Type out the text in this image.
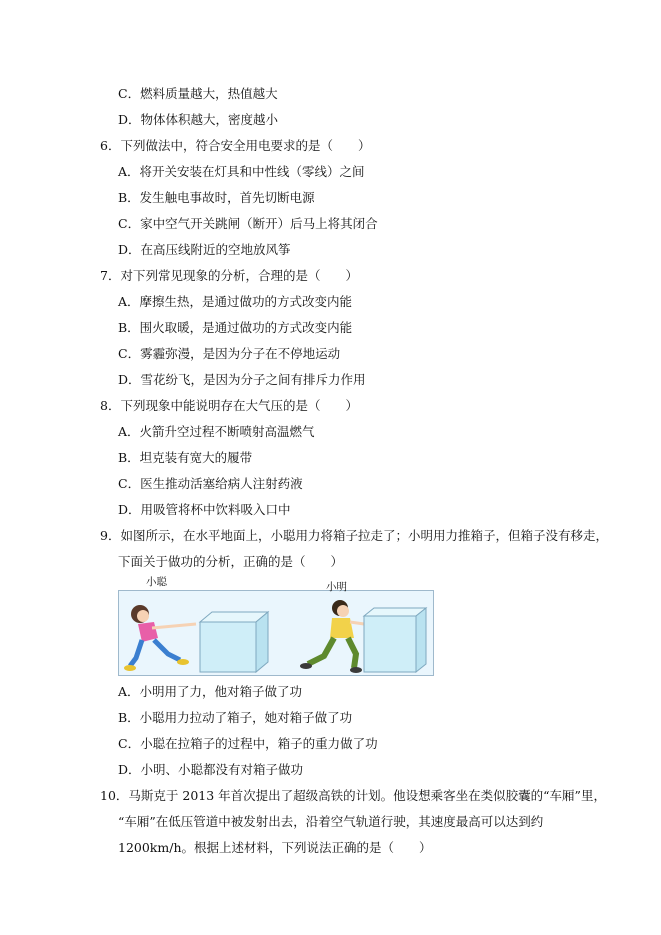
C．燃料质量越大，热值越大
D．物体体积越大，密度越小
6．下列做法中，符合安全用电要求的是（　　）
A．将开关安装在灯具和中性线（零线）之间
B．发生触电事故时，首先切断电源
C．家中空气开关跳闸（断开）后马上将其闭合
D．在高压线附近的空地放风筝
7．对下列常见现象的分析，合理的是（　　）
A．摩擦生热，是通过做功的方式改变内能
B．围火取暖，是通过做功的方式改变内能
C．雾霾弥漫，是因为分子在不停地运动
D．雪花纷飞，是因为分子之间有排斥力作用
8．下列现象中能说明存在大气压的是（　　）
A．火箭升空过程不断喷射高温燃气
B．坦克装有宽大的履带
C．医生推动活塞给病人注射药液
D．用吸管将杯中饮料吸入口中
9．如图所示，在水平地面上，小聪用力将箱子拉走了；小明用力推箱子，但箱子没有移走，
下面关于做功的分析，正确的是（　　）
小聪	小明
A．小明用了力，他对箱子做了功
B．小聪用力拉动了箱子，她对箱子做了功
C．小聪在拉箱子的过程中，箱子的重力做了功
D．小明、小聪都没有对箱子做功
10．马斯克于 2013 年首次提出了超级高铁的计划。他设想乘客坐在类似胶囊的“车厢”里，
“车厢”在低压管道中被发射出去，沿着空气轨道行驶，其速度最高可以达到约
1200km/h。根据上述材料，下列说法正确的是（　　）
